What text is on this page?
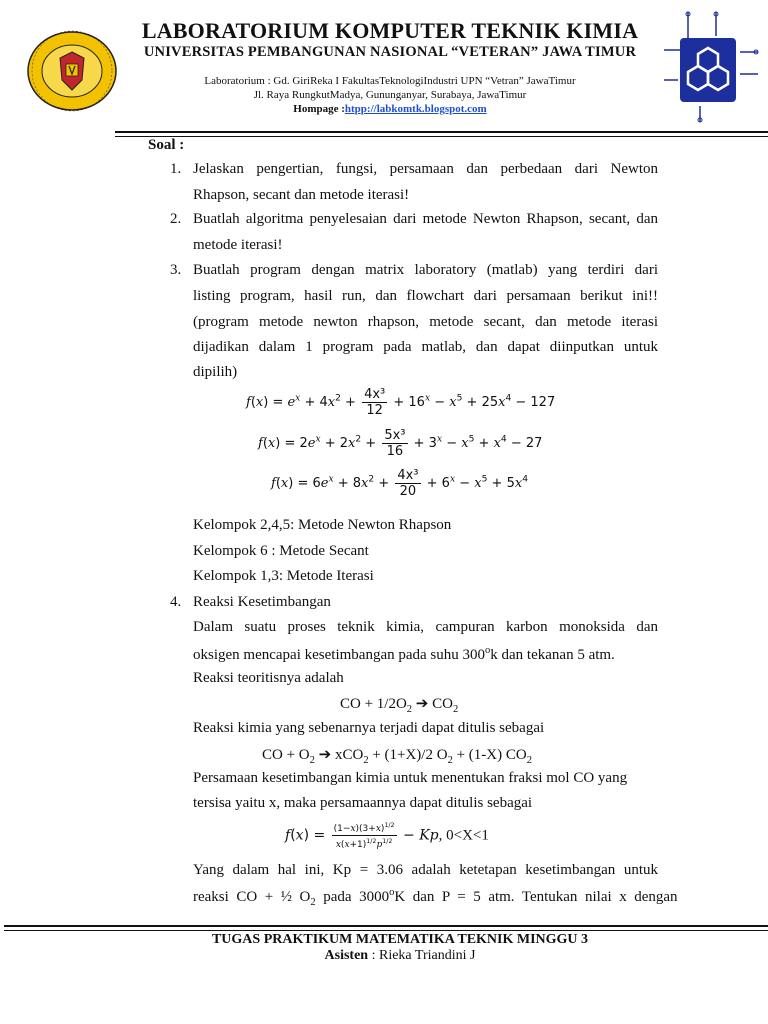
LABORATORIUM KOMPUTER TEKNIK KIMIA
UNIVERSITAS PEMBANGUNAN NASIONAL “VETERAN” JAWA TIMUR
Laboratorium : Gd. GiriReka I FakultasTeknologiIndustri UPN “Vetran” JawaTimur
Jl. Raya RungkutMadya, Gununganyar, Surabaya, JawaTimur
Hompage :htpp://labkomtk.blogspot.com
Soal :
1. Jelaskan pengertian, fungsi, persamaan dan perbedaan dari Newton
Rhapson, secant dan metode iterasi!
2. Buatlah algoritma penyelesaian dari metode Newton Rhapson, secant, dan
metode iterasi!
3. Buatlah program dengan matrix laboratory (matlab) yang terdiri dari
listing program, hasil run, dan flowchart dari persamaan berikut ini!!
(program metode newton rhapson, metode secant, dan metode iterasi
dijadikan dalam 1 program pada matlab, dan dapat diinputkan untuk
dipilih)
$f(x) = e^x + 4x^2 + \frac{\text{4x³}}{12} + 16^x - x^5 + 25x^4 - 127$
$f(x) = 2e^x + 2x^2 + \frac{\text{5x³}}{16} + 3^x - x^5 + x^4 - 27$
$f(x) = 6e^x + 8x^2 + \frac{\text{4x³}}{20} + 6^x - x^5 + 5x^4$
Kelompok 2,4,5: Metode Newton Rhapson
Kelompok 6 : Metode Secant
Kelompok 1,3: Metode Iterasi
4. Reaksi Kesetimbangan
Dalam suatu proses teknik kimia, campuran karbon monoksida dan
oksigen mencapai kesetimbangan pada suhu 300$^o$k dan tekanan 5 atm.
Reaksi teoritisnya adalah
CO + $1/2O_2$ ➔ $CO_2$
Reaksi kimia yang sebenarnya terjadi dapat ditulis sebagai
CO + $O_2$ ➔ xCO$_2$ + (1+X)/2 $O_2 + (1-X)$ $CO_2$
Persamaan kesetimbangan kimia untuk menentukan fraksi mol CO yang
tersisa yaitu x, maka persamaannya dapat ditulis sebagai
$f(x) = \frac{(1-x)(3+x)^{1/2}}{x(x+1)^{1/2}p^{1/2}} - Kp$, 0<X<1
Yang dalam hal ini, Kp = 3.06 adalah ketetapan kesetimbangan untuk
reaksi CO + ½ $O_2$ pada 3000$^o$K dan P = 5 atm. Tentukan nilai x dengan
TUGAS PRAKTIKUM MATEMATIKA TEKNIK MINGGU 3
Asisten : Rieka Triandini J
